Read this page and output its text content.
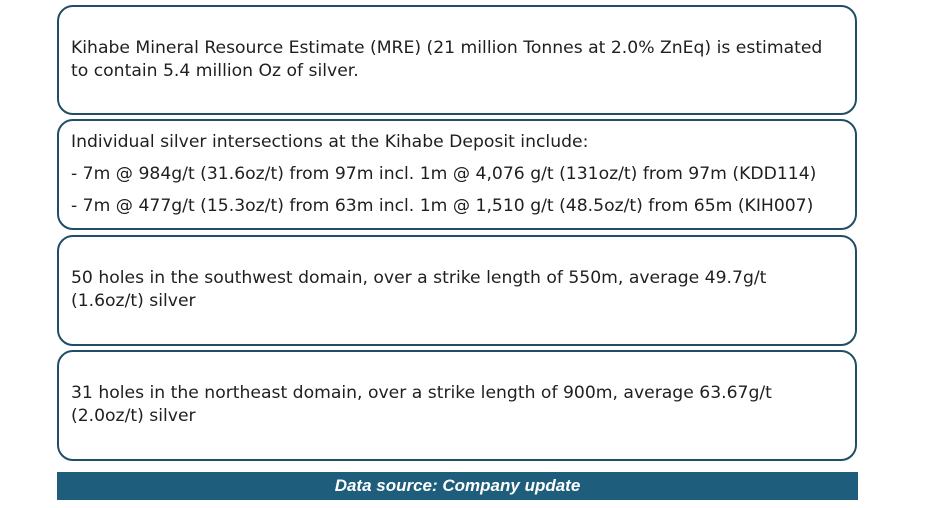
Kihabe Mineral Resource Estimate (MRE) (21 million Tonnes at 2.0% ZnEq) is estimated to contain 5.4 million Oz of silver.

Individual silver intersections at the Kihabe Deposit include:
- 7m @ 984g/t (31.6oz/t) from 97m incl. 1m @ 4,076 g/t (131oz/t) from 97m (KDD114)
- 7m @ 477g/t (15.3oz/t) from 63m incl. 1m @ 1,510 g/t (48.5oz/t) from 65m (KIH007)

50 holes in the southwest domain, over a strike length of 550m, average 49.7g/t (1.6oz/t) silver

31 holes in the northeast domain, over a strike length of 900m, average 63.67g/t (2.0oz/t) silver

Data source: Company update
